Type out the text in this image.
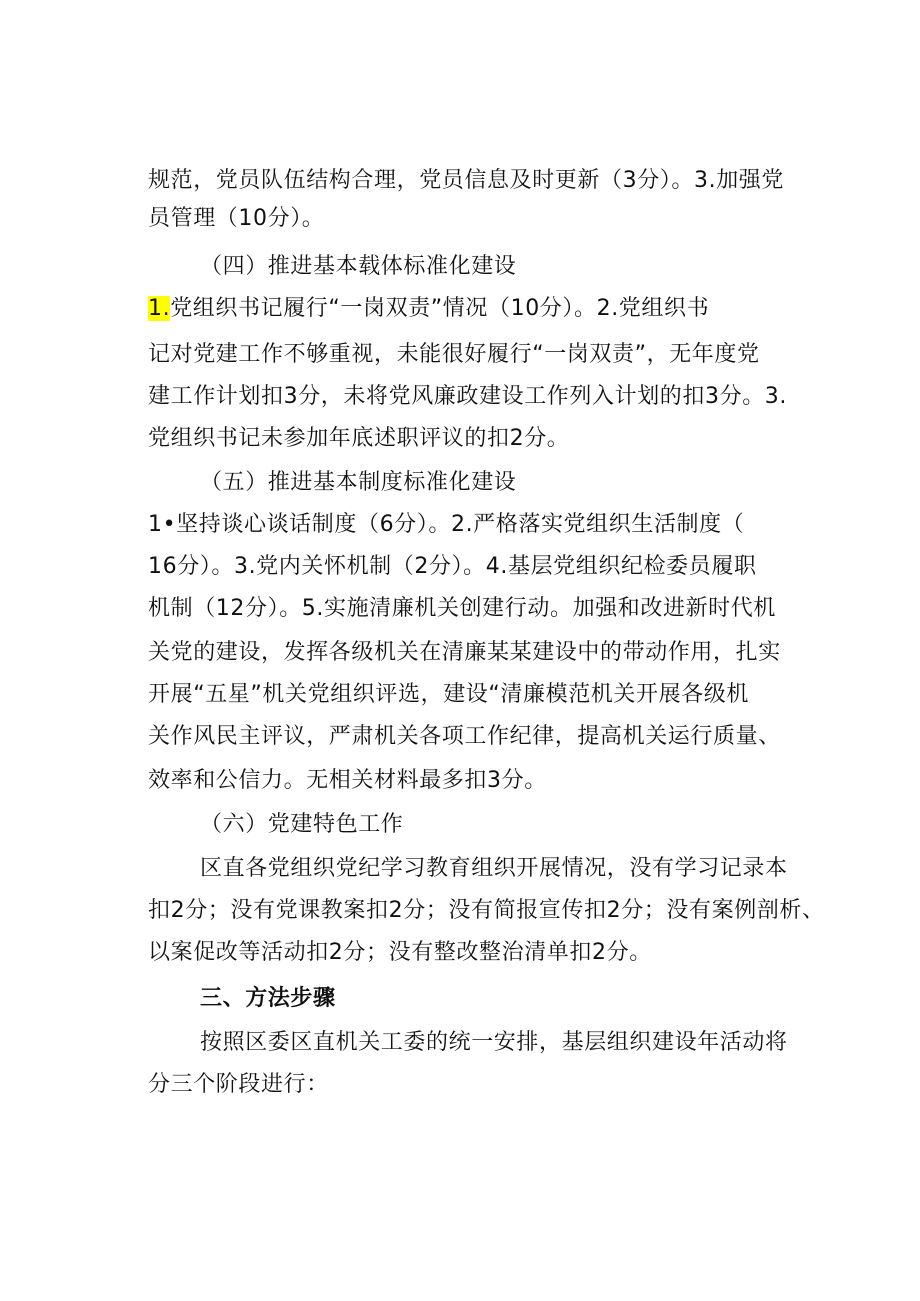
规范，党员队伍结构合理，党员信息及时更新（3分）。3.加强党
员管理（10分）。
（四）推进基本载体标准化建设
1.党组织书记履行“一岗双责”情况（10分）。2.党组织书
记对党建工作不够重视，未能很好履行“一岗双责”，无年度党
建工作计划扣3分，未将党风廉政建设工作列入计划的扣3分。3.
党组织书记未参加年底述职评议的扣2分。
（五）推进基本制度标准化建设
1•坚持谈心谈话制度（6分）。2.严格落实党组织生活制度（
16分）。3.党内关怀机制（2分）。4.基层党组织纪检委员履职
机制（12分）。5.实施清廉机关创建行动。加强和改进新时代机
关党的建设，发挥各级机关在清廉某某建设中的带动作用，扎实
开展“五星”机关党组织评选，建设“清廉模范机关开展各级机
关作风民主评议，严肃机关各项工作纪律，提高机关运行质量、
效率和公信力。无相关材料最多扣3分。
（六）党建特色工作
区直各党组织党纪学习教育组织开展情况，没有学习记录本
扣2分；没有党课教案扣2分；没有简报宣传扣2分；没有案例剖析、
以案促改等活动扣2分；没有整改整治清单扣2分。
三、方法步骤
按照区委区直机关工委的统一安排，基层组织建设年活动将
分三个阶段进行：
